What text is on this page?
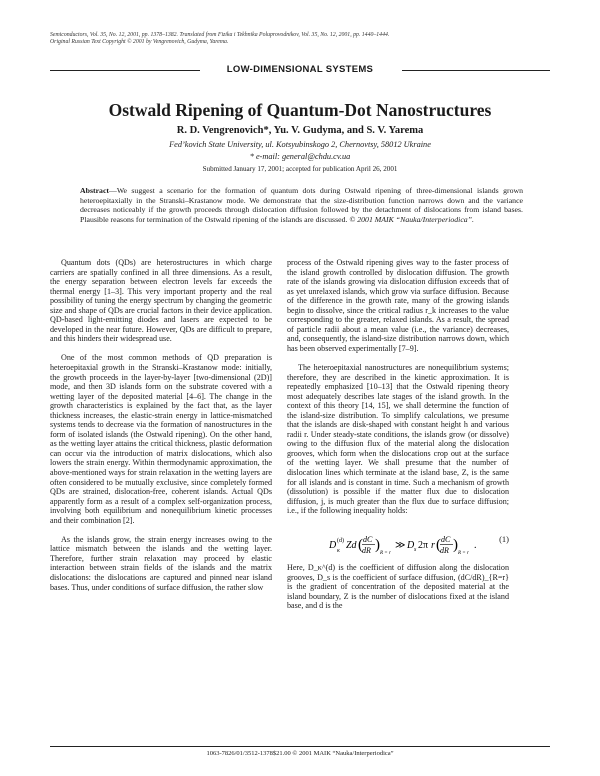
Semiconductors, Vol. 35, No. 12, 2001, pp. 1378–1382. Translated from Fizika i Tekhnika Poluprovodnikov, Vol. 35, No. 12, 2001, pp. 1440–1444.
Original Russian Text Copyright © 2001 by Vengrenovich, Gudyma, Yarema.
LOW-DIMENSIONAL SYSTEMS
Ostwald Ripening of Quantum-Dot Nanostructures
R. D. Vengrenovich*, Yu. V. Gudyma, and S. V. Yarema
Fed’kovich State University, ul. Kotsyubinskogo 2, Chernovtsy, 58012 Ukraine
* e-mail: general@chdu.cv.ua
Submitted January 17, 2001; accepted for publication April 26, 2001
Abstract—We suggest a scenario for the formation of quantum dots during Ostwald ripening of three-dimensional islands grown heteroepitaxially in the Stranski–Krastanow mode. We demonstrate that the size-distribution function narrows down and the variance decreases noticeably if the growth proceeds through dislocation diffusion followed by the detachment of dislocations from island bases. Plausible reasons for termination of the Ostwald ripening of the islands are discussed. © 2001 MAIK “Nauka/Interperiodica”.

Quantum dots (QDs) are heterostructures in which charge carriers are spatially confined in all three dimensions. As a result, the energy separation between electron levels far exceeds the thermal energy [1–3]. This very important property and the real possibility of tuning the energy spectrum by changing the geometric size and shape of QDs are crucial factors in their device application. QD-based light-emitting diodes and lasers are expected to be developed in the near future. However, QDs are difficult to prepare, and this hinders their widespread use.

One of the most common methods of QD preparation is heteroepitaxial growth in the Stranski–Krastanow mode: initially, the growth proceeds in the layer-by-layer [two-dimensional (2D)] mode, and then 3D islands form on the substrate covered with a wetting layer of the deposited material [4–6]. The change in the growth characteristics is explained by the fact that, as the layer thickness increases, the elastic-strain energy in lattice-mismatched systems tends to decrease via the formation of nanostructures in the form of isolated islands (the Ostwald ripening). On the other hand, as the wetting layer attains the critical thickness, plastic deformation can occur via the introduction of matrix dislocations, which also lowers the strain energy. Within thermodynamic approximation, the above-mentioned ways for strain relaxation in the wetting layers are often considered to be mutually exclusive, since completely formed QDs are strained, dislocation-free, coherent islands. Actual QDs apparently form as a result of a complex self-organization process, involving both equilibrium and nonequilibrium kinetic processes and their combination [2].

As the islands grow, the strain energy increases owing to the lattice mismatch between the islands and the wetting layer. Therefore, further strain relaxation may proceed by elastic interaction between strain fields of the islands and the matrix dislocations: the dislocations are captured and pinned near island bases. Thus, under conditions of surface diffusion, the rather slow

process of the Ostwald ripening gives way to the faster process of the island growth controlled by dislocation diffusion. The growth rate of the islands growing via dislocation diffusion exceeds that of as yet unrelaxed islands, which grow via surface diffusion. Because of the difference in the growth rate, many of the growing islands begin to dissolve, since the critical radius r_k increases to the value corresponding to the greater, relaxed islands. As a result, the spread of particle radii about a mean value (i.e., the variance) decreases, and, consequently, the island-size distribution narrows down, which has been observed experimentally [7–9].

The heteroepitaxial nanostructures are nonequilibrium systems; therefore, they are described in the kinetic approximation. It is repeatedly emphasized [10–13] that the Ostwald ripening theory most adequately describes late stages of the island growth. In the context of this theory [14, 15], we shall determine the function of the island-size distribution. To simplify calculations, we presume that the islands are disk-shaped with constant height h and various radii r. Under steady-state conditions, the islands grow (or dissolve) owing to the diffusion flux of the material along the dislocation grooves, which form when the dislocations crop out at the surface of the wetting layer. We shall presume that the number of dislocation lines which terminate at the island base, Z, is the same for all islands and is constant in time. Such a mechanism of growth (dissolution) is possible if the matter flux due to dislocation diffusion, j, is much greater than the flux due to surface diffusion; i.e., if the following inequality holds:

D (d)
κ Zd ( dC
dR )
R = r
≫ D s 2π r ( dC
dR )
R = r
.
(1)

Here, D_κ^(d) is the coefficient of diffusion along the dislocation grooves, D_s is the coefficient of surface diffusion, (dC/dR)_{R=r} is the gradient of concentration of the deposited material at the island boundary, Z is the number of dislocations fixed at the island base, and d is the

1063-7826/01/3512-1378$21.00 © 2001 MAIK “Nauka/Interperiodica”
